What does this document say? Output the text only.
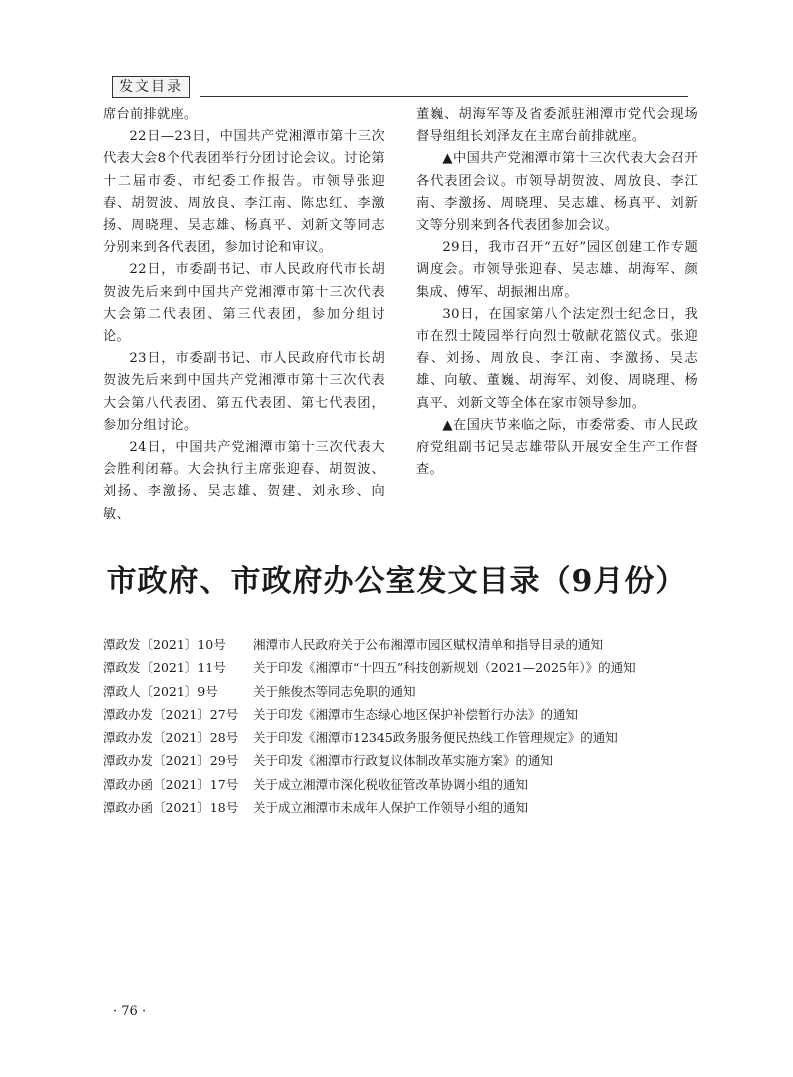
发文目录

席台前排就座。

22日—23日，中国共产党湘潭市第十三次代表大会8个代表团举行分团讨论会议。讨论第十二届市委、市纪委工作报告。市领导张迎春、胡贺波、周放良、李江南、陈忠红、李激扬、周晓理、吴志雄、杨真平、刘新文等同志分别来到各代表团，参加讨论和审议。

22日，市委副书记、市人民政府代市长胡贺波先后来到中国共产党湘潭市第十三次代表大会第二代表团、第三代表团，参加分组讨论。

23日，市委副书记、市人民政府代市长胡贺波先后来到中国共产党湘潭市第十三次代表大会第八代表团、第五代表团、第七代表团，参加分组讨论。

24日，中国共产党湘潭市第十三次代表大会胜利闭幕。大会执行主席张迎春、胡贺波、刘扬、李激扬、吴志雄、贺建、刘永珍、向敏、

董巍、胡海军等及省委派驻湘潭市党代会现场督导组组长刘泽友在主席台前排就座。

▲中国共产党湘潭市第十三次代表大会召开各代表团会议。市领导胡贺波、周放良、李江南、李激扬、周晓理、吴志雄、杨真平、刘新文等分别来到各代表团参加会议。

29日，我市召开“五好”园区创建工作专题调度会。市领导张迎春、吴志雄、胡海军、颜集成、傅军、胡振湘出席。

30日，在国家第八个法定烈士纪念日，我市在烈士陵园举行向烈士敬献花篮仪式。张迎春、刘扬、周放良、李江南、李激扬、吴志雄、向敏、董巍、胡海军、刘俊、周晓理、杨真平、刘新文等全体在家市领导参加。

▲在国庆节来临之际，市委常委、市人民政府党组副书记吴志雄带队开展安全生产工作督查。

市政府、市政府办公室发文目录（9月份）
潭政发〔2021〕10号	湘潭市人民政府关于公布湘潭市园区赋权清单和指导目录的通知
潭政发〔2021〕11号	关于印发《湘潭市“十四五”科技创新规划（2021—2025年）》的通知
潭政人〔2021〕9号	关于熊俊杰等同志免职的通知
潭政办发〔2021〕27号	关于印发《湘潭市生态绿心地区保护补偿暂行办法》的通知
潭政办发〔2021〕28号	关于印发《湘潭市12345政务服务便民热线工作管理规定》的通知
潭政办发〔2021〕29号	关于印发《湘潭市行政复议体制改革实施方案》的通知
潭政办函〔2021〕17号	关于成立湘潭市深化税收征管改革协调小组的通知
潭政办函〔2021〕18号	关于成立湘潭市未成年人保护工作领导小组的通知
· 76 ·
